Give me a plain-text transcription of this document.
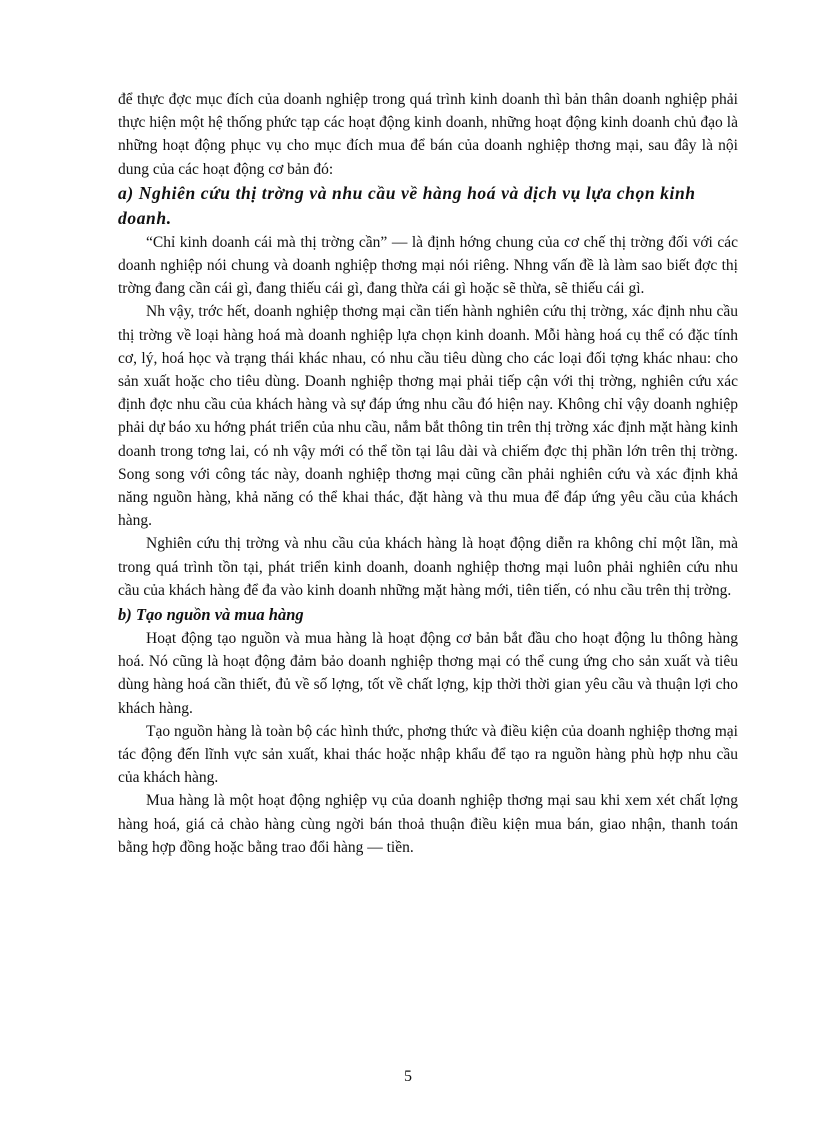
để thực đợc mục đích của doanh nghiệp trong quá trình kinh doanh thì bản thân doanh nghiệp phải thực hiện một hệ thống phức tạp các hoạt động kinh doanh, những hoạt động kinh doanh chủ đạo là những hoạt động phục vụ cho mục đích mua để bán của doanh nghiệp thơng mại, sau đây là nội dung của các hoạt động cơ bản đó:

a) Nghiên cứu thị trờng và nhu cầu về hàng hoá và dịch vụ lựa chọn kinh doanh.

“Chỉ kinh doanh cái mà thị trờng cần” — là định hớng chung của cơ chế thị trờng đối với các doanh nghiệp nói chung và doanh nghiệp thơng mại nói riêng. Nhng vấn đề là làm sao biết đợc thị trờng đang cần cái gì, đang thiếu cái gì, đang thừa cái gì hoặc sẽ thừa, sẽ thiếu cái gì.

Nh vậy, trớc hết, doanh nghiệp thơng mại cần tiến hành nghiên cứu thị trờng, xác định nhu cầu thị trờng về loại hàng hoá mà doanh nghiệp lựa chọn kinh doanh. Mỗi hàng hoá cụ thể có đặc tính cơ, lý, hoá học và trạng thái khác nhau, có nhu cầu tiêu dùng cho các loại đối tợng khác nhau: cho sản xuất hoặc cho tiêu dùng. Doanh nghiệp thơng mại phải tiếp cận với thị trờng, nghiên cứu xác định đợc nhu cầu của khách hàng và sự đáp ứng nhu cầu đó hiện nay. Không chỉ vậy doanh nghiệp phải dự báo xu hớng phát triển của nhu cầu, nắm bắt thông tin trên thị trờng xác định mặt hàng kinh doanh trong tơng lai, có nh vậy mới có thể tồn tại lâu dài và chiếm đợc thị phần lớn trên thị trờng. Song song với công tác này, doanh nghiệp thơng mại cũng cần phải nghiên cứu và xác định khả năng nguồn hàng, khả năng có thể khai thác, đặt hàng và thu mua để đáp ứng yêu cầu của khách hàng.

Nghiên cứu thị trờng và nhu cầu của khách hàng là hoạt động diễn ra không chỉ một lần, mà trong quá trình tồn tại, phát triển kinh doanh, doanh nghiệp thơng mại luôn phải nghiên cứu nhu cầu của khách hàng để đa vào kinh doanh những mặt hàng mới, tiên tiến, có nhu cầu trên thị trờng.

b) Tạo nguồn và mua hàng

Hoạt động tạo nguồn và mua hàng là hoạt động cơ bản bắt đầu cho hoạt động lu thông hàng hoá. Nó cũng là hoạt động đảm bảo doanh nghiệp thơng mại có thể cung ứng cho sản xuất và tiêu dùng hàng hoá cần thiết, đủ về số lợng, tốt về chất lợng, kịp thời thời gian yêu cầu và thuận lợi cho khách hàng.

Tạo nguồn hàng là toàn bộ các hình thức, phơng thức và điều kiện của doanh nghiệp thơng mại tác động đến lĩnh vực sản xuất, khai thác hoặc nhập khẩu để tạo ra nguồn hàng phù hợp nhu cầu của khách hàng.

Mua hàng là một hoạt động nghiệp vụ của doanh nghiệp thơng mại sau khi xem xét chất lợng hàng hoá, giá cả chào hàng cùng ngời bán thoả thuận điều kiện mua bán, giao nhận, thanh toán bằng hợp đồng hoặc bằng trao đổi hàng — tiền.

5
